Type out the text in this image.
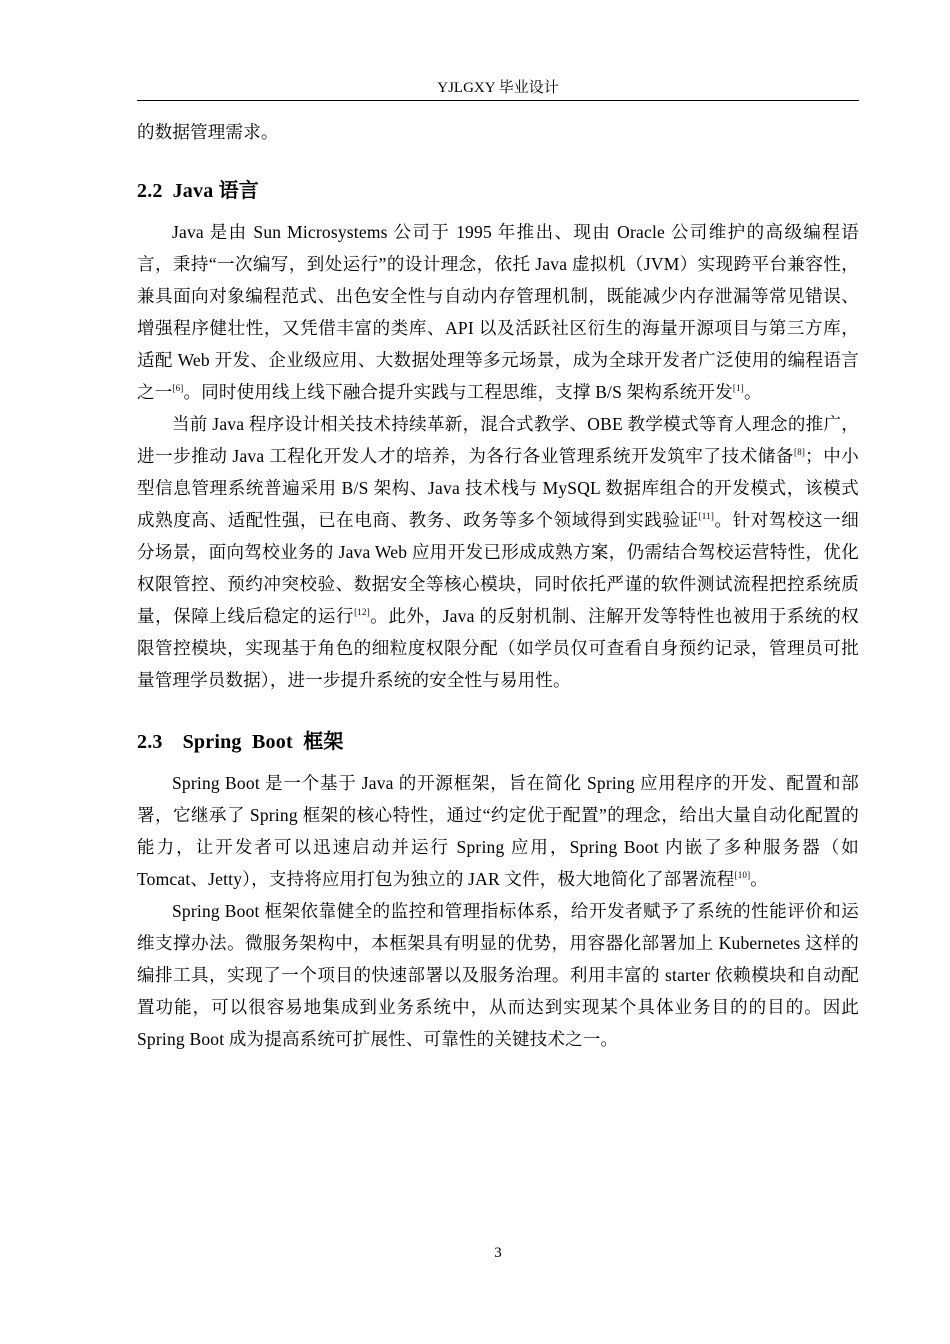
YJLGXY 毕业设计

的数据管理需求。

2.2 Java 语言

Java 是由 Sun Microsystems 公司于 1995 年推出、现由 Oracle 公司维护的高级编程语言，秉持“一次编写，到处运行”的设计理念，依托 Java 虚拟机（JVM）实现跨平台兼容性，兼具面向对象编程范式、出色安全性与自动内存管理机制，既能减少内存泄漏等常见错误、增强程序健壮性，又凭借丰富的类库、API 以及活跃社区衍生的海量开源项目与第三方库，适配 Web 开发、企业级应用、大数据处理等多元场景，成为全球开发者广泛使用的编程语言之一[6]。同时使用线上线下融合提升实践与工程思维，支撑 B/S 架构系统开发[1]。

当前 Java 程序设计相关技术持续革新，混合式教学、OBE 教学模式等育人理念的推广，进一步推动 Java 工程化开发人才的培养，为各行各业管理系统开发筑牢了技术储备[8]；中小型信息管理系统普遍采用 B/S 架构、Java 技术栈与 MySQL 数据库组合的开发模式，该模式成熟度高、适配性强，已在电商、教务、政务等多个领域得到实践验证[11]。针对驾校这一细分场景，面向驾校业务的 Java Web 应用开发已形成成熟方案，仍需结合驾校运营特性，优化权限管控、预约冲突校验、数据安全等核心模块，同时依托严谨的软件测试流程把控系统质量，保障上线后稳定的运行[12]。此外，Java 的反射机制、注解开发等特性也被用于系统的权限管控模块，实现基于角色的细粒度权限分配（如学员仅可查看自身预约记录，管理员可批量管理学员数据），进一步提升系统的安全性与易用性。

2.3 Spring  Boot  框架

Spring Boot 是一个基于 Java 的开源框架，旨在简化 Spring 应用程序的开发、配置和部署，它继承了 Spring 框架的核心特性，通过“约定优于配置”的理念，给出大量自动化配置的能力，让开发者可以迅速启动并运行 Spring 应用，Spring Boot 内嵌了多种服务器（如 Tomcat、Jetty），支持将应用打包为独立的 JAR 文件，极大地简化了部署流程[10]。

Spring Boot 框架依靠健全的监控和管理指标体系，给开发者赋予了系统的性能评价和运维支撑办法。微服务架构中，本框架具有明显的优势，用容器化部署加上 Kubernetes 这样的编排工具，实现了一个项目的快速部署以及服务治理。利用丰富的 starter 依赖模块和自动配置功能，可以很容易地集成到业务系统中，从而达到实现某个具体业务目的的目的。因此 Spring Boot 成为提高系统可扩展性、可靠性的关键技术之一。

3
